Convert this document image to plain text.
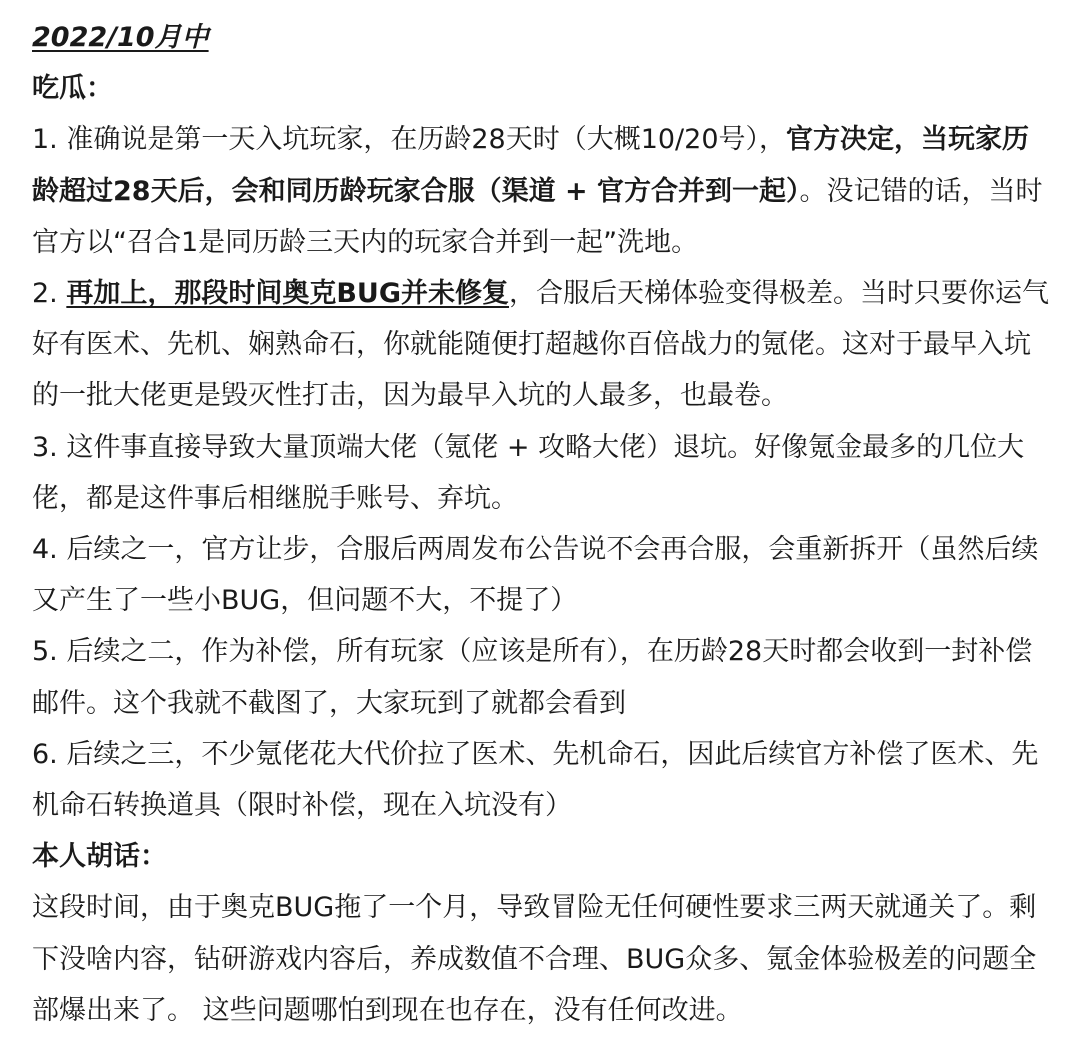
2022/10月中
吃瓜：

1. 准确说是第一天入坑玩家，在历龄28天时（大概10/20号），官方决定，当玩家历龄超过28天后，会和同历龄玩家合服（渠道 + 官方合并到一起）。没记错的话，当时官方以“召合1是同历龄三天内的玩家合并到一起”洗地。

2. 再加上，那段时间奥克BUG并未修复，合服后天梯体验变得极差。当时只要你运气好有医术、先机、娴熟命石，你就能随便打超越你百倍战力的氪佬。这对于最早入坑的一批大佬更是毁灭性打击，因为最早入坑的人最多，也最卷。

3. 这件事直接导致大量顶端大佬（氪佬 + 攻略大佬）退坑。好像氪金最多的几位大佬，都是这件事后相继脱手账号、弃坑。

4. 后续之一，官方让步，合服后两周发布公告说不会再合服，会重新拆开（虽然后续又产生了一些小BUG，但问题不大，不提了）

5. 后续之二，作为补偿，所有玩家（应该是所有），在历龄28天时都会收到一封补偿邮件。这个我就不截图了，大家玩到了就都会看到

6. 后续之三，不少氪佬花大代价拉了医术、先机命石，因此后续官方补偿了医术、先机命石转换道具（限时补偿，现在入坑没有）

本人胡话：

这段时间，由于奥克BUG拖了一个月，导致冒险无任何硬性要求三两天就通关了。剩下没啥内容，钻研游戏内容后，养成数值不合理、BUG众多、氪金体验极差的问题全部爆出来了。 这些问题哪怕到现在也存在，没有任何改进。
